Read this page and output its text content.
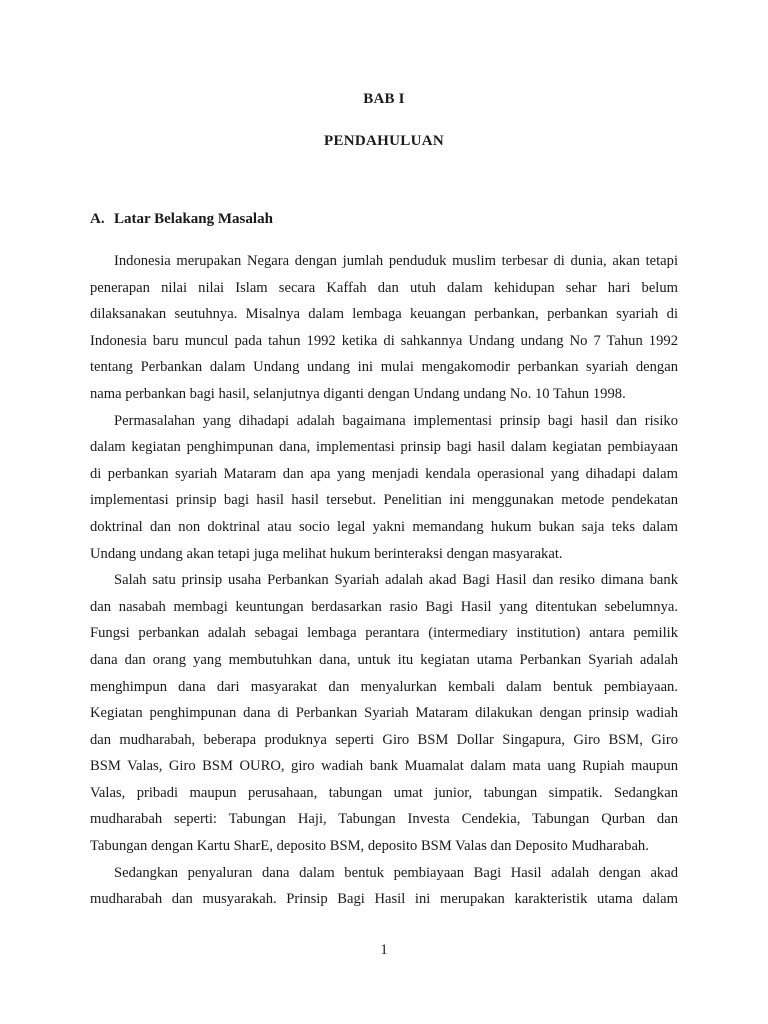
BAB I
PENDAHULUAN
A. Latar Belakang Masalah
Indonesia merupakan Negara dengan jumlah penduduk muslim terbesar di dunia, akan tetapi
penerapan nilai nilai Islam secara Kaffah dan utuh dalam kehidupan sehar hari belum
dilaksanakan seutuhnya. Misalnya dalam lembaga keuangan perbankan, perbankan syariah di
Indonesia baru muncul pada tahun 1992 ketika di sahkannya Undang undang No 7 Tahun 1992
tentang Perbankan dalam Undang undang ini mulai mengakomodir perbankan syariah dengan
nama perbankan bagi hasil, selanjutnya diganti dengan Undang undang No. 10 Tahun 1998.
Permasalahan yang dihadapi adalah bagaimana implementasi prinsip bagi hasil dan risiko
dalam kegiatan penghimpunan dana, implementasi prinsip bagi hasil dalam kegiatan pembiayaan
di perbankan syariah Mataram dan apa yang menjadi kendala operasional yang dihadapi dalam
implementasi prinsip bagi hasil hasil tersebut. Penelitian ini menggunakan metode pendekatan
doktrinal dan non doktrinal atau socio legal yakni memandang hukum bukan saja teks dalam
Undang undang akan tetapi juga melihat hukum berinteraksi dengan masyarakat.
Salah satu prinsip usaha Perbankan Syariah adalah akad Bagi Hasil dan resiko dimana bank
dan nasabah membagi keuntungan berdasarkan rasio Bagi Hasil yang ditentukan sebelumnya.
Fungsi perbankan adalah sebagai lembaga perantara (intermediary institution) antara pemilik
dana dan orang yang membutuhkan dana, untuk itu kegiatan utama Perbankan Syariah adalah
menghimpun dana dari masyarakat dan menyalurkan kembali dalam bentuk pembiayaan.
Kegiatan penghimpunan dana di Perbankan Syariah Mataram dilakukan dengan prinsip wadiah
dan mudharabah, beberapa produknya seperti Giro BSM Dollar Singapura, Giro BSM, Giro
BSM Valas, Giro BSM OURO, giro wadiah bank Muamalat dalam mata uang Rupiah maupun
Valas, pribadi maupun perusahaan, tabungan umat junior, tabungan simpatik. Sedangkan
mudharabah seperti: Tabungan Haji, Tabungan Investa Cendekia, Tabungan Qurban dan
Tabungan dengan Kartu SharE, deposito BSM, deposito BSM Valas dan Deposito Mudharabah.
Sedangkan penyaluran dana dalam bentuk pembiayaan Bagi Hasil adalah dengan akad
mudharabah dan musyarakah. Prinsip Bagi Hasil ini merupakan karakteristik utama dalam
1
